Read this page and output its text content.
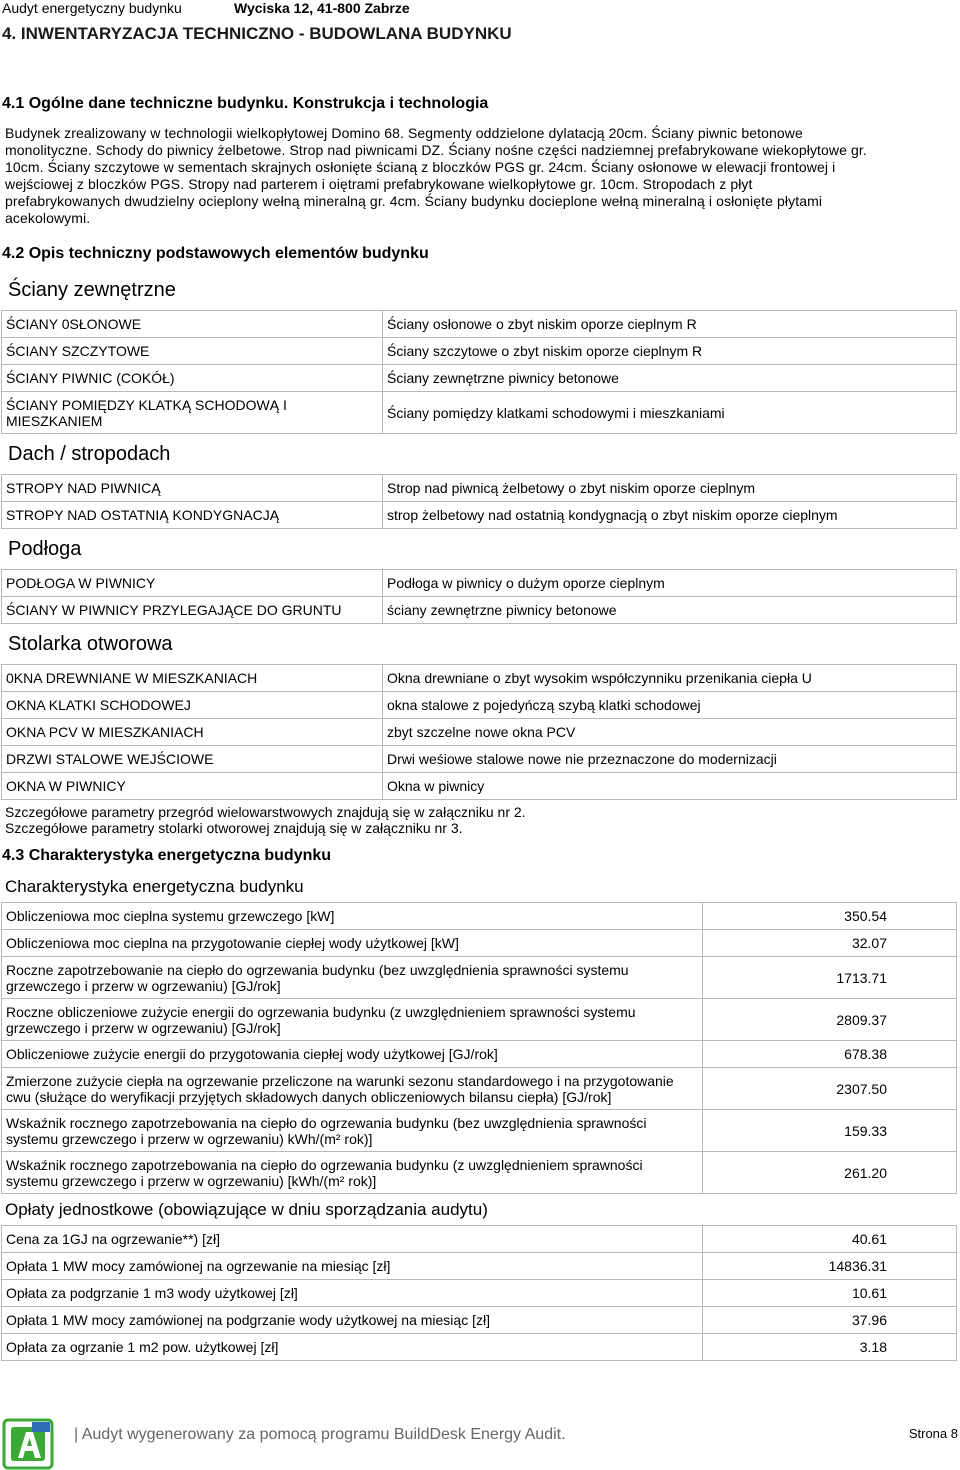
Audyt energetyczny budynku	Wyciska 12, 41-800 Zabrze
4. INWENTARYZACJA TECHNICZNO - BUDOWLANA BUDYNKU
4.1 Ogólne dane techniczne budynku. Konstrukcja i technologia
Budynek zrealizowany w technologii wielkopłytowej Domino 68. Segmenty oddzielone dylatacją 20cm. Ściany piwnic betonowe
monolityczne. Schody do piwnicy żelbetowe. Strop nad piwnicami DZ. Ściany nośne części nadziemnej prefabrykowane wiekopłytowe gr.
10cm. Ściany szczytowe w sementach skrajnych osłonięte ścianą z bloczków PGS gr. 24cm. Ściany osłonowe w elewacji frontowej i
wejściowej z bloczków PGS. Stropy nad parterem i oiętrami prefabrykowane wielkopłytowe gr. 10cm. Stropodach z płyt
prefabrykowanych dwudzielny ocieplony wełną mineralną gr. 4cm. Ściany budynku docieplone wełną mineralną i osłonięte płytami
acekolowymi.
4.2 Opis techniczny podstawowych elementów budynku
Ściany zewnętrzne
ŚCIANY 0SŁONOWE	Ściany osłonowe o zbyt niskim oporze cieplnym R
ŚCIANY SZCZYTOWE	Ściany szczytowe o zbyt niskim oporze cieplnym R
ŚCIANY PIWNIC (COKÓŁ)	Ściany zewnętrzne piwnicy betonowe
ŚCIANY POMIĘDZY KLATKĄ SCHODOWĄ I MIESZKANIEM	Ściany pomiędzy klatkami schodowymi i mieszkaniami
Dach / stropodach
STROPY NAD PIWNICĄ	Strop nad piwnicą żelbetowy o zbyt niskim oporze cieplnym
STROPY NAD OSTATNIĄ KONDYGNACJĄ	strop żelbetowy nad ostatnią kondygnacją o zbyt niskim oporze cieplnym
Podłoga
PODŁOGA W PIWNICY	Podłoga w piwnicy o dużym oporze cieplnym
ŚCIANY W PIWNICY PRZYLEGAJĄCE DO GRUNTU	ściany zewnętrzne piwnicy betonowe
Stolarka otworowa
0KNA DREWNIANE W MIESZKANIACH	Okna drewniane o zbyt wysokim współczynniku przenikania ciepła U
OKNA KLATKI SCHODOWEJ	okna stalowe z pojedyńczą szybą klatki schodowej
OKNA PCV W MIESZKANIACH	zbyt szczelne nowe okna PCV
DRZWI STALOWE WEJŚCIOWE	Drwi weśiowe stalowe nowe nie przeznaczone do modernizacji
OKNA W PIWNICY	Okna w piwnicy
Szczegółowe parametry przegród wielowarstwowych znajdują się w załączniku nr 2.
Szczegółowe parametry stolarki otworowej znajdują się w załączniku nr 3.
4.3 Charakterystyka energetyczna budynku
Charakterystyka energetyczna budynku
Obliczeniowa moc cieplna systemu grzewczego [kW]	350.54
Obliczeniowa moc cieplna na przygotowanie ciepłej wody użytkowej [kW]	32.07
Roczne zapotrzebowanie na ciepło do ogrzewania budynku (bez uwzględnienia sprawności systemu grzewczego i przerw w ogrzewaniu) [GJ/rok]	1713.71
Roczne obliczeniowe zużycie energii do ogrzewania budynku (z uwzględnieniem sprawności systemu grzewczego i przerw w ogrzewaniu) [GJ/rok]	2809.37
Obliczeniowe zużycie energii do przygotowania ciepłej wody użytkowej [GJ/rok]	678.38
Zmierzone zużycie ciepła na ogrzewanie przeliczone na warunki sezonu standardowego i na przygotowanie cwu (służące do weryfikacji przyjętych składowych danych obliczeniowych bilansu ciepła) [GJ/rok]	2307.50
Wskaźnik rocznego zapotrzebowania na ciepło do ogrzewania budynku (bez uwzględnienia sprawności systemu grzewczego i przerw w ogrzewaniu) kWh/(m² rok)]	159.33
Wskaźnik rocznego zapotrzebowania na ciepło do ogrzewania budynku (z uwzględnieniem sprawności systemu grzewczego i przerw w ogrzewaniu) [kWh/(m² rok)]	261.20
Opłaty jednostkowe (obowiązujące w dniu sporządzania audytu)
Cena za 1GJ na ogrzewanie**) [zł]	40.61
Opłata 1 MW mocy zamówionej na ogrzewanie na miesiąc [zł]	14836.31
Opłata za podgrzanie 1 m3 wody użytkowej [zł]	10.61
Opłata 1 MW mocy zamówionej na podgrzanie wody użytkowej na miesiąc [zł]	37.96
Opłata za ogrzanie 1 m2 pow. użytkowej [zł]	3.18
| Audyt wygenerowany za pomocą programu BuildDesk Energy Audit.	Strona 8
